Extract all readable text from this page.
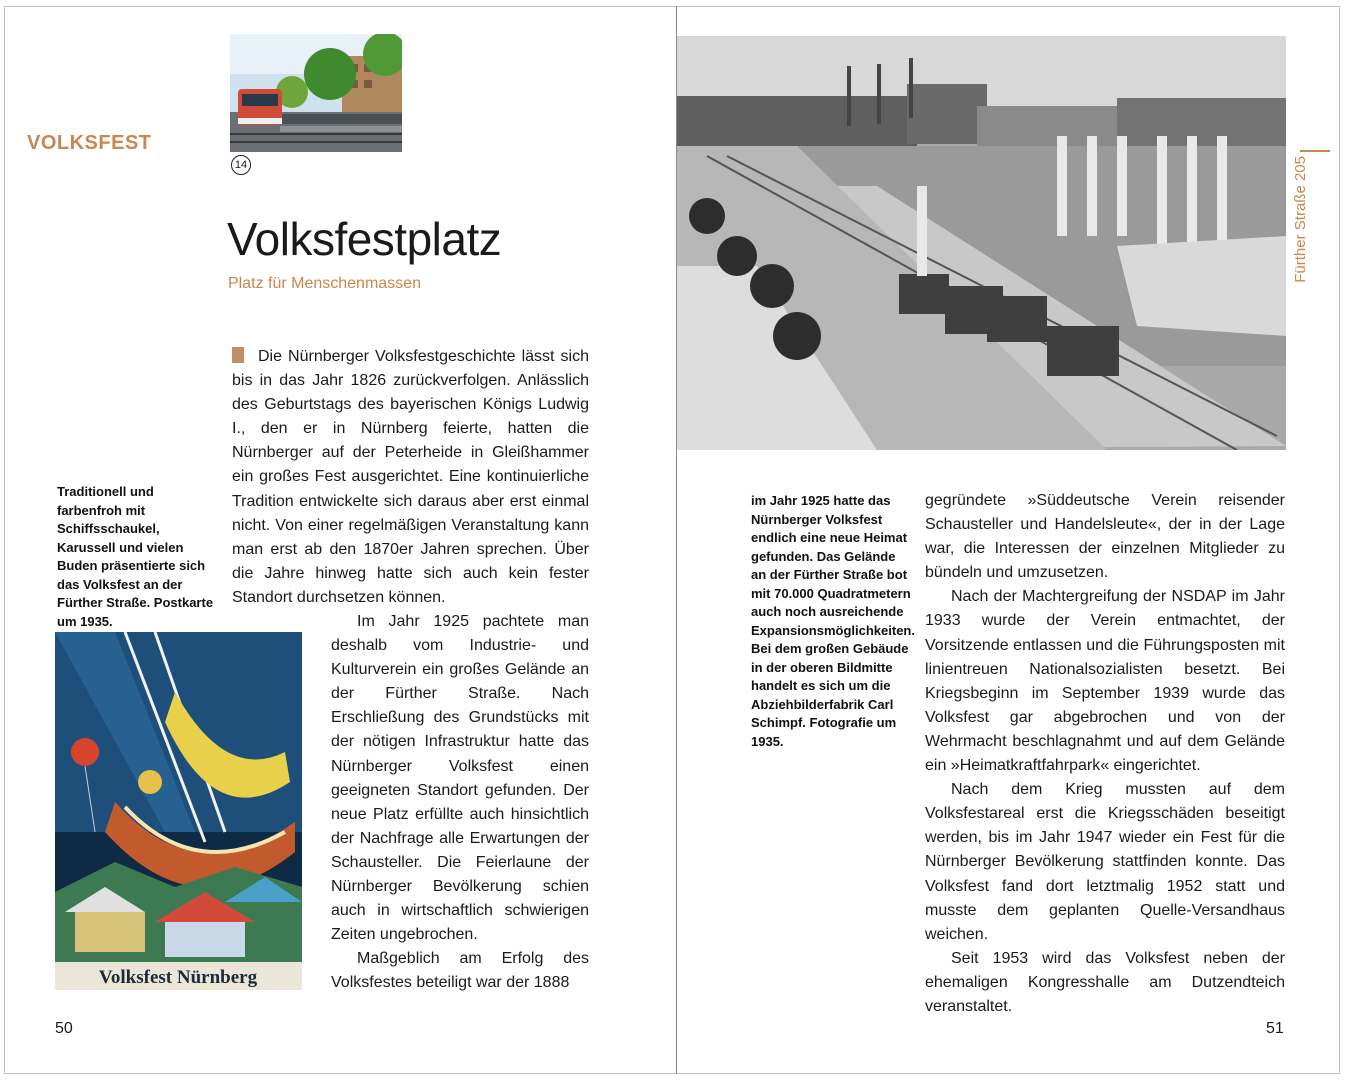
VOLKSFEST
14
Volksfestplatz
Platz für Menschenmassen

Die Nürnberger Volksfestgeschichte lässt sich bis in das Jahr 1826 zurückverfolgen. Anlässlich des Geburtstags des bayerischen Königs Ludwig I., den er in Nürnberg feierte, hatten die Nürnberger auf der Peterheide in Gleißhammer ein großes Fest ausgerichtet. Eine kontinuierliche Tradition entwickelte sich daraus aber erst einmal nicht. Von einer regelmäßigen Veranstaltung kann man erst ab den 1870er Jahren sprechen. Über die Jahre hinweg hatte sich auch kein fester Standort durchsetzen können.

Traditionell und farbenfroh mit Schiffsschaukel, Karussell und vielen Buden präsentierte sich das Volksfest an der Fürther Straße. Postkarte um 1935.
Volksfest Nürnberg

Im Jahr 1925 pachtete man deshalb vom Industrie- und Kulturverein ein großes Gelände an der Fürther Straße. Nach Erschließung des Grundstücks mit der nötigen Infrastruktur hatte das Nürnberger Volksfest einen geeigneten Standort gefunden. Der neue Platz erfüllte auch hinsichtlich der Nachfrage alle Erwartungen der Schausteller. Die Feierlaune der Nürnberger Bevölkerung schien auch in wirtschaftlich schwierigen Zeiten ungebrochen.

Maßgeblich am Erfolg des Volksfestes beteiligt war der 1888

50
Fürther Straße 205
im Jahr 1925 hatte das Nürnberger Volksfest endlich eine neue Heimat gefunden. Das Gelände an der Fürther Straße bot mit 70.000 Quadratmetern auch noch ausreichende Expansionsmöglichkeiten. Bei dem großen Gebäude in der oberen Bildmitte handelt es sich um die Abziehbilderfabrik Carl Schimpf. Fotografie um 1935.

gegründete »Süddeutsche Verein reisender Schausteller und Handelsleute«, der in der Lage war, die Interessen der einzelnen Mitglieder zu bündeln und umzusetzen.

Nach der Machtergreifung der NSDAP im Jahr 1933 wurde der Verein entmachtet, der Vorsitzende entlassen und die Führungsposten mit linientreuen Nationalsozialisten besetzt. Bei Kriegsbeginn im September 1939 wurde das Volksfest gar abgebrochen und von der Wehrmacht beschlagnahmt und auf dem Gelände ein »Heimatkraftfahrpark« eingerichtet.

Nach dem Krieg mussten auf dem Volksfestareal erst die Kriegsschäden beseitigt werden, bis im Jahr 1947 wieder ein Fest für die Nürnberger Bevölkerung stattfinden konnte. Das Volksfest fand dort letztmalig 1952 statt und musste dem geplanten Quelle-Versandhaus weichen.

Seit 1953 wird das Volksfest neben der ehemaligen Kongresshalle am Dutzendteich veranstaltet.

51
